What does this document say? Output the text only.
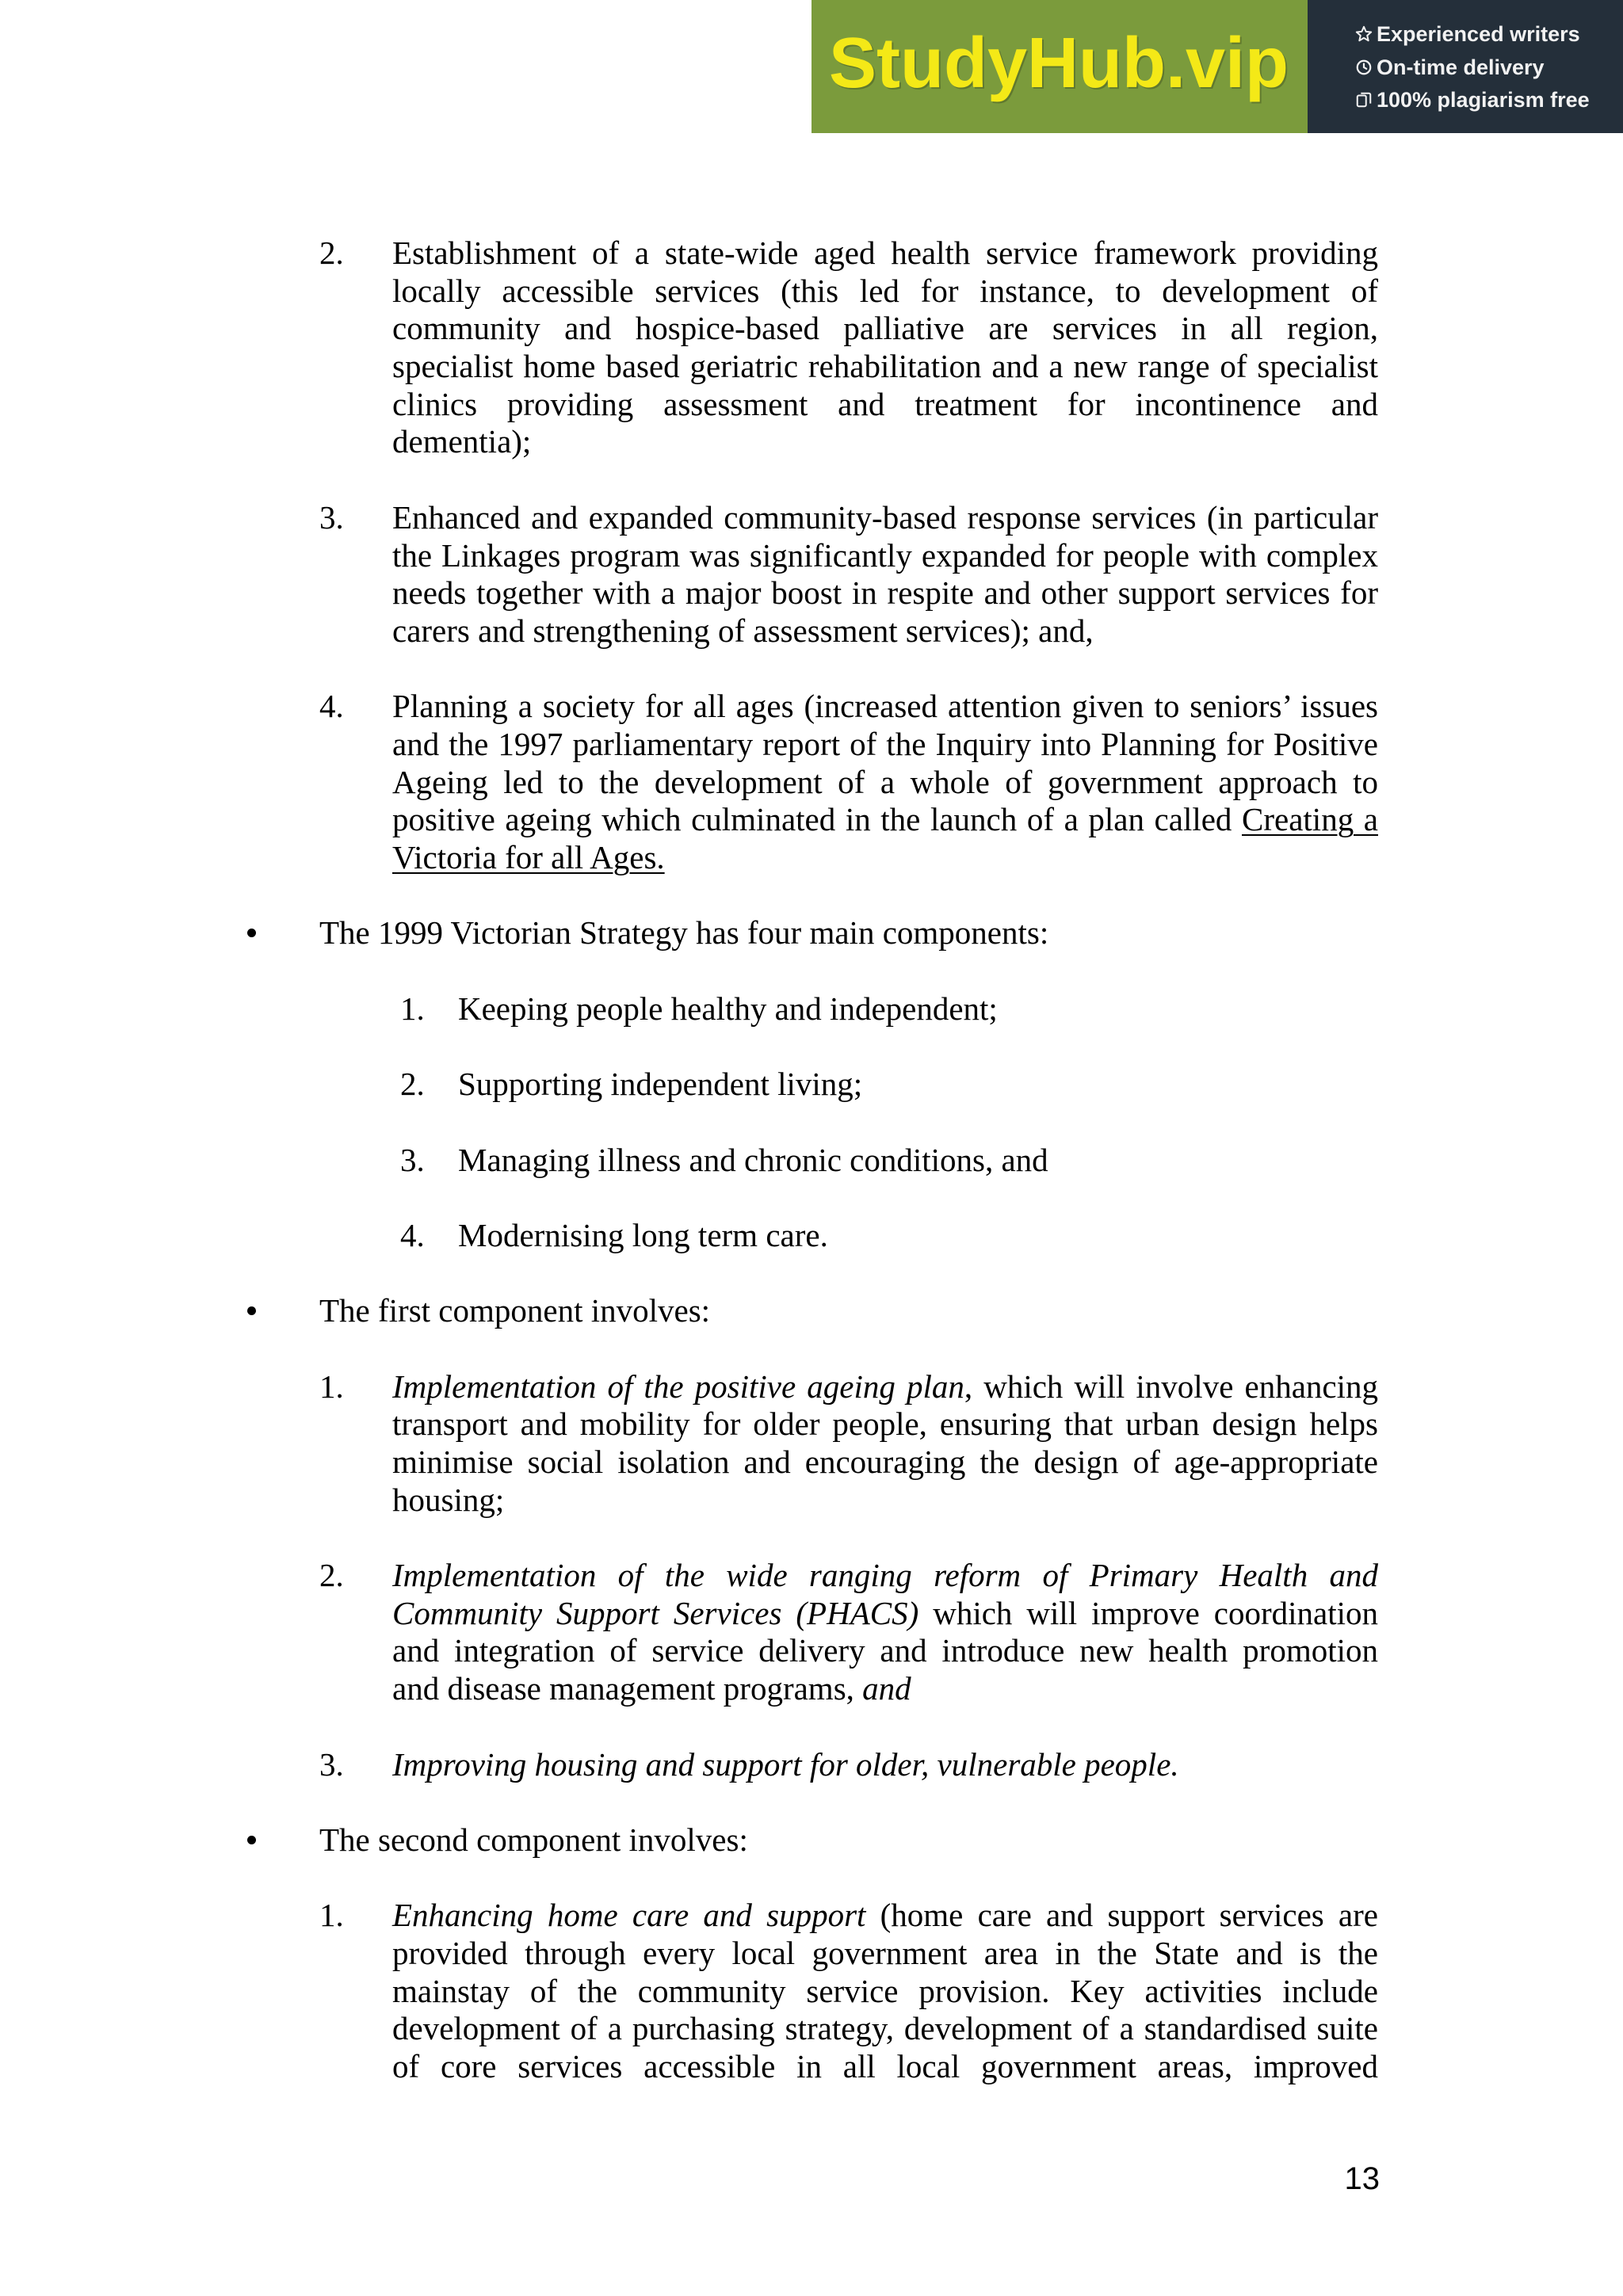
StudyHub.vip	Experienced writers
On-time delivery
100% plagiarism free
2. Establishment of a state-wide aged health service framework providing
locally accessible services (this led for instance, to development of
community and hospice-based palliative are services in all region,
specialist home based geriatric rehabilitation and a new range of specialist
clinics providing assessment and treatment for incontinence and
dementia);
3. Enhanced and expanded community-based response services (in particular
the Linkages program was significantly expanded for people with complex
needs together with a major boost in respite and other support services for
carers and strengthening of assessment services); and,
4. Planning a society for all ages (increased attention given to seniors’ issues
and the 1997 parliamentary report of the Inquiry into Planning for Positive
Ageing led to the development of a whole of government approach to
positive ageing which culminated in the launch of a plan called Creating a
Victoria for all Ages.
The 1999 Victorian Strategy has four main components:
1. Keeping people healthy and independent;
2. Supporting independent living;
3. Managing illness and chronic conditions, and
4. Modernising long term care.
The first component involves:
1. Implementation of the positive ageing plan, which will involve enhancing
transport and mobility for older people, ensuring that urban design helps
minimise social isolation and encouraging the design of age-appropriate
housing;
2. Implementation of the wide ranging reform of Primary Health and
Community Support Services (PHACS) which will improve coordination
and integration of service delivery and introduce new health promotion
and disease management programs, and
3. Improving housing and support for older, vulnerable people.
The second component involves:
1. Enhancing home care and support (home care and support services are
provided through every local government area in the State and is the
mainstay of the community service provision. Key activities include
development of a purchasing strategy, development of a standardised suite
of core services accessible in all local government areas, improved
13
